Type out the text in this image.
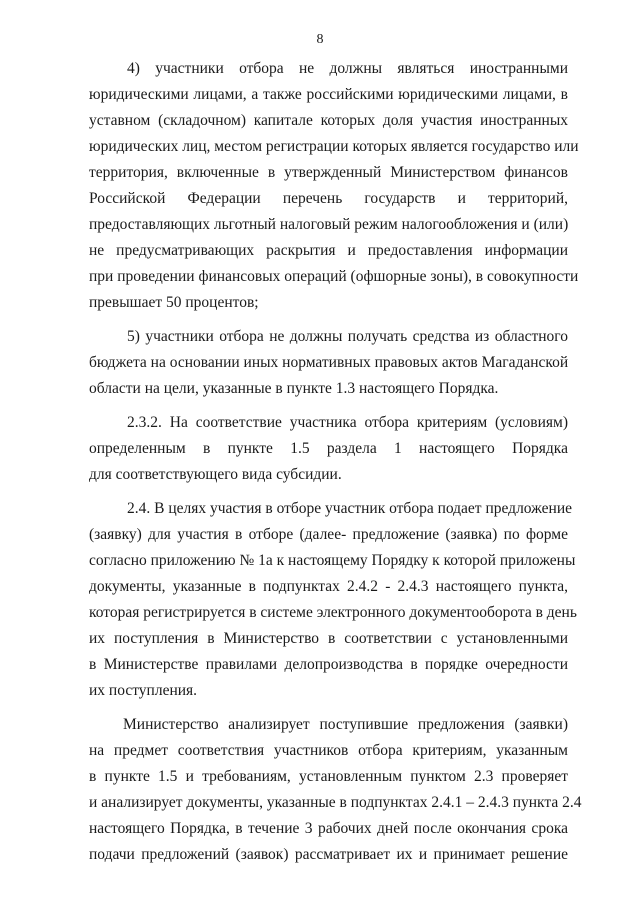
8

4) участники отбора не должны являться иностранными
юридическими лицами, а также российскими юридическими лицами, в
уставном (складочном) капитале которых доля участия иностранных
юридических лиц, местом регистрации которых является государство или
территория, включенные в утвержденный Министерством финансов
Российской Федерации перечень государств и территорий,
предоставляющих льготный налоговый режим налогообложения и (или)
не предусматривающих раскрытия и предоставления информации
при проведении финансовых операций (офшорные зоны), в совокупности
превышает 50 процентов;

5) участники отбора не должны получать средства из областного
бюджета на основании иных нормативных правовых актов Магаданской
области на цели, указанные в пункте 1.3 настоящего Порядка.

2.3.2. На соответствие участника отбора критериям (условиям)
определенным в пункте 1.5 раздела 1 настоящего Порядка
для соответствующего вида субсидии.

2.4. В целях участия в отборе участник отбора подает предложение
(заявку) для участия в отборе (далее- предложение (заявка) по форме
согласно приложению № 1а к настоящему Порядку к которой приложены
документы, указанные в подпунктах 2.4.2 - 2.4.3 настоящего пункта,
которая регистрируется в системе электронного документооборота в день
их поступления в Министерство в соответствии с установленными
в Министерстве правилами делопроизводства в порядке очередности
их поступления.

Министерство анализирует поступившие предложения (заявки)
на предмет соответствия участников отбора критериям, указанным
в пункте 1.5 и требованиям, установленным пунктом 2.3 проверяет
и анализирует документы, указанные в подпунктах 2.4.1 – 2.4.3 пункта 2.4
настоящего Порядка, в течение 3 рабочих дней после окончания срока
подачи предложений (заявок) рассматривает их и принимает решение
